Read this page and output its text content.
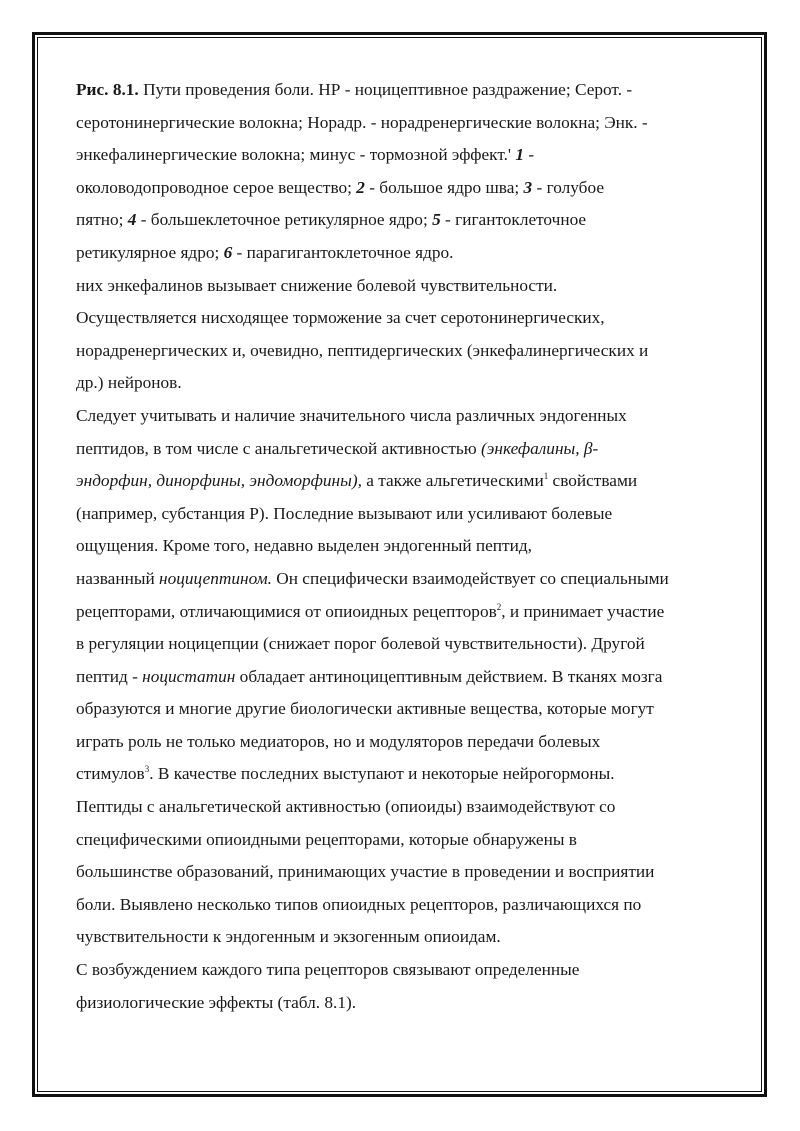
Рис. 8.1. Пути проведения боли. НР - ноцицептивное раздражение; Серот. -
серотонинергические волокна; Норадр. - норадренергические волокна; Энк. -
энкефалинергические волокна; минус - тормозной эффект.' 1 -
околоводопроводное серое вещество; 2 - большое ядро шва; 3 - голубое
пятно; 4 - большеклеточное ретикулярное ядро; 5 - гигантоклеточное
ретикулярное ядро; 6 - парагигантоклеточное ядро.
них энкефалинов вызывает снижение болевой чувствительности.
Осуществляется нисходящее торможение за счет серотонинергических,
норадренергических и, очевидно, пептидергических (энкефалинергических и
др.) нейронов.
Следует учитывать и наличие значительного числа различных эндогенных
пептидов, в том числе с анальгетической активностью (энкефалины, β-
эндорфин, динорфины, эндоморфины), а также альгетическими$^1$ свойствами
(например, субстанция Р). Последние вызывают или усиливают болевые
ощущения. Кроме того, недавно выделен эндогенный пептид,
названный ноцицептином. Он специфически взаимодействует со специальными
рецепторами, отличающимися от опиоидных рецепторов$^2$, и принимает участие
в регуляции ноцицепции (снижает порог болевой чувствительности). Другой
пептид - ноцистатин обладает антиноцицептивным действием. В тканях мозга
образуются и многие другие биологически активные вещества, которые могут
играть роль не только медиаторов, но и модуляторов передачи болевых
стимулов$^3$. В качестве последних выступают и некоторые нейрогормоны.
Пептиды с анальгетической активностью (опиоиды) взаимодействуют со
специфическими опиоидными рецепторами, которые обнаружены в
большинстве образований, принимающих участие в проведении и восприятии
боли. Выявлено несколько типов опиоидных рецепторов, различающихся по
чувствительности к эндогенным и экзогенным опиоидам.
С возбуждением каждого типа рецепторов связывают определенные
физиологические эффекты (табл. 8.1).
